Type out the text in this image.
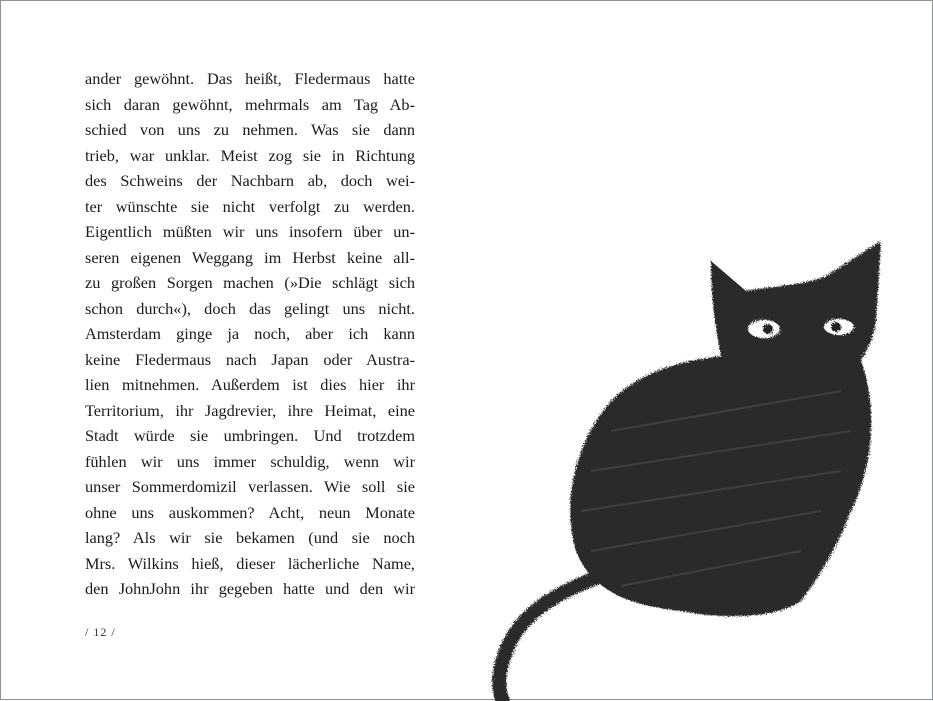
ander gewöhnt. Das heißt, Fledermaus hatte
sich daran gewöhnt, mehrmals am Tag Ab-
schied von uns zu nehmen. Was sie dann
trieb, war unklar. Meist zog sie in Richtung
des Schweins der Nachbarn ab, doch wei-
ter wünschte sie nicht verfolgt zu werden.
Eigentlich müßten wir uns insofern über un-
seren eigenen Weggang im Herbst keine all-
zu großen Sorgen machen (»Die schlägt sich
schon durch«), doch das gelingt uns nicht.
Amsterdam ginge ja noch, aber ich kann
keine Fledermaus nach Japan oder Austra-
lien mitnehmen. Außerdem ist dies hier ihr
Territorium, ihr Jagdrevier, ihre Heimat, eine
Stadt würde sie umbringen. Und trotzdem
fühlen wir uns immer schuldig, wenn wir
unser Sommerdomizil verlassen. Wie soll sie
ohne uns auskommen? Acht, neun Monate
lang? Als wir sie bekamen (und sie noch
Mrs. Wilkins hieß, dieser lächerliche Name,
den JohnJohn ihr gegeben hatte und den wir
/ 12 /
